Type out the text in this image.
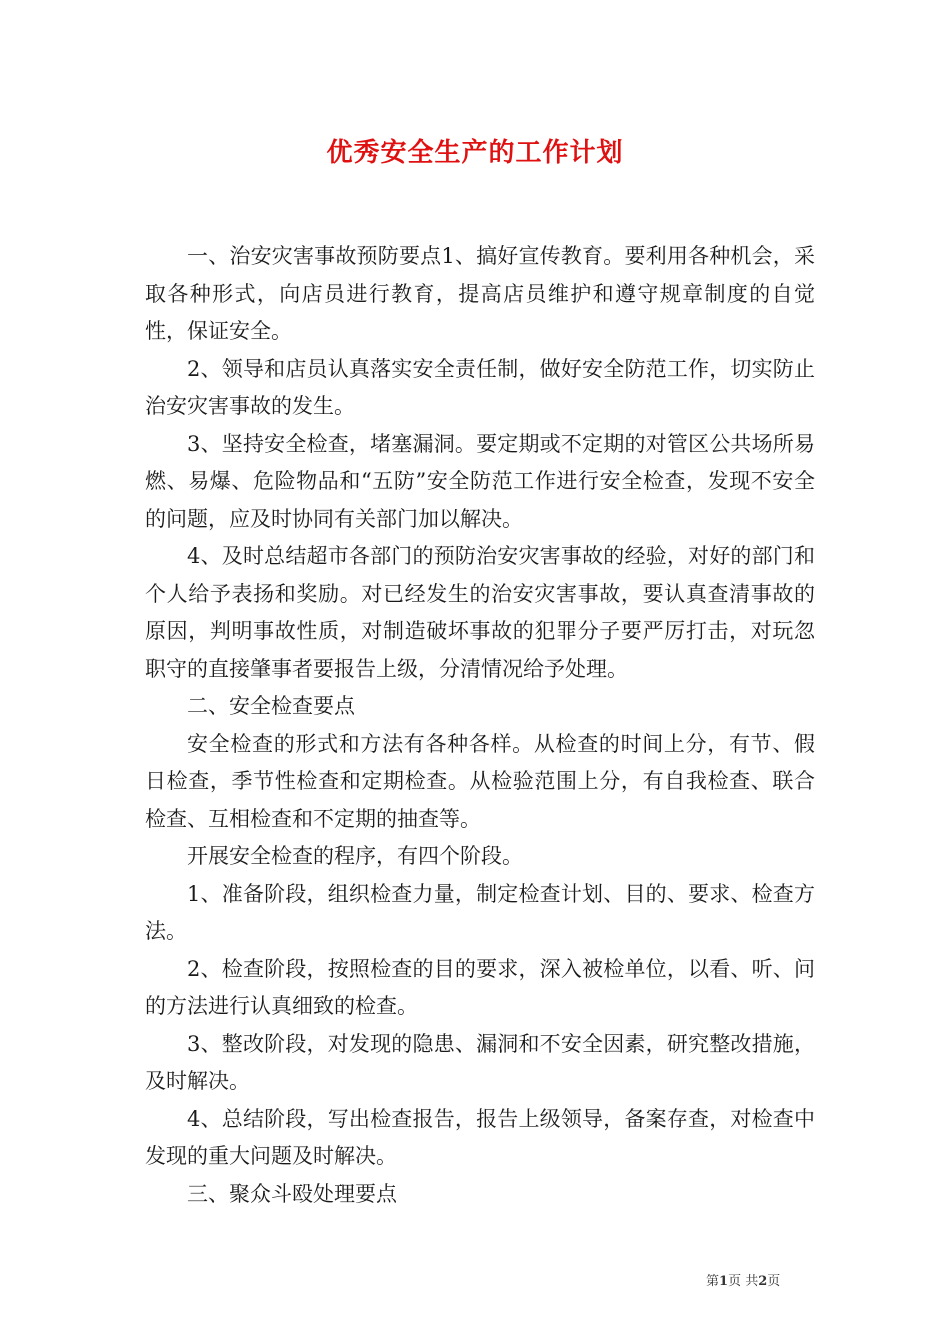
优秀安全生产的工作计划

一、治安灾害事故预防要点1、搞好宣传教育。要利用各种机会，采取各种形式，向店员进行教育，提高店员维护和遵守规章制度的自觉性，保证安全。

2、领导和店员认真落实安全责任制，做好安全防范工作，切实防止治安灾害事故的发生。

3、坚持安全检查，堵塞漏洞。要定期或不定期的对管区公共场所易燃、易爆、危险物品和“五防”安全防范工作进行安全检查，发现不安全的问题，应及时协同有关部门加以解决。

4、及时总结超市各部门的预防治安灾害事故的经验，对好的部门和个人给予表扬和奖励。对已经发生的治安灾害事故，要认真查清事故的原因，判明事故性质，对制造破坏事故的犯罪分子要严厉打击，对玩忽职守的直接肇事者要报告上级，分清情况给予处理。

二、安全检查要点

安全检查的形式和方法有各种各样。从检查的时间上分，有节、假日检查，季节性检查和定期检查。从检验范围上分，有自我检查、联合检查、互相检查和不定期的抽查等。

开展安全检查的程序，有四个阶段。

1、准备阶段，组织检查力量，制定检查计划、目的、要求、检查方法。

2、检查阶段，按照检查的目的要求，深入被检单位，以看、听、问的方法进行认真细致的检查。

3、整改阶段，对发现的隐患、漏洞和不安全因素，研究整改措施，及时解决。

4、总结阶段，写出检查报告，报告上级领导，备案存查，对检查中发现的重大问题及时解决。

三、聚众斗殴处理要点

第1页 共2页
